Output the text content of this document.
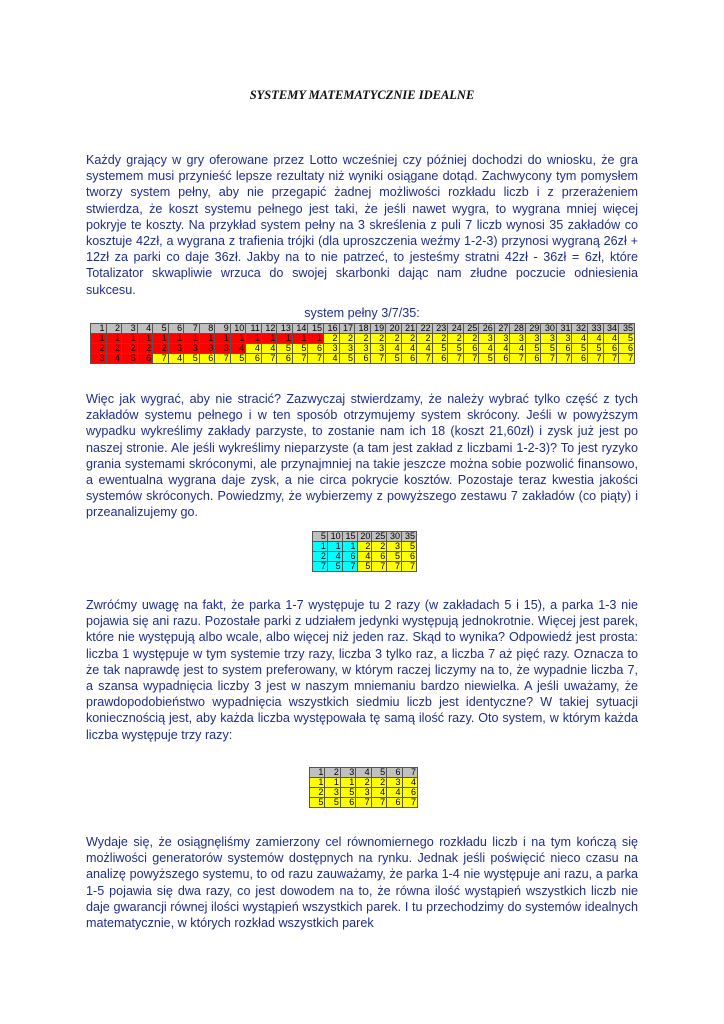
SYSTEMY MATEMATYCZNIE IDEALNE

Każdy grający w gry oferowane przez Lotto wcześniej czy później dochodzi do wniosku, że gra systemem musi przynieść lepsze rezultaty niż wyniki osiągane dotąd. Zachwycony tym pomysłem tworzy system pełny, aby nie przegapić żadnej możliwości rozkładu liczb i z przerażeniem stwierdza, że koszt systemu pełnego jest taki, że jeśli nawet wygra, to wygrana mniej więcej pokryje te koszty. Na przykład system pełny na 3 skreślenia z puli 7 liczb wynosi 35 zakładów co kosztuje 42zł, a wygrana z trafienia trójki (dla uproszczenia weźmy 1-2-3) przynosi wygraną 26zł + 12zł za parki co daje 36zł. Jakby na to nie patrzeć, to jesteśmy stratni 42zł - 36zł = 6zł, które Totalizator skwapliwie wrzuca do swojej skarbonki dając nam złudne poczucie odniesienia sukcesu.

system pełny 3/7/35:
1	2	3	4	5	6	7	8	9	10	11	12	13	14	15	16	17	18	19	20	21	22	23	24	25	26	27	28	29	30	31	32	33	34	35
1	1	1	1	1	1	1	1	1	1	1	1	1	1	1	2	2	2	2	2	2	2	2	2	2	3	3	3	3	3	3	4	4	4	5
2	2	2	2	2	3	3	3	3	4	4	4	5	5	6	3	3	3	3	4	4	4	5	5	6	4	4	4	5	5	6	5	5	6	6
3	4	5	6	7	4	5	6	7	5	6	7	6	7	7	4	5	6	7	5	6	7	6	7	7	5	6	7	6	7	7	6	7	7	7

Więc jak wygrać, aby nie stracić? Zazwyczaj stwierdzamy, że należy wybrać tylko część z tych zakładów systemu pełnego i w ten sposób otrzymujemy system skrócony. Jeśli w powyższym wypadku wykreślimy zakłady parzyste, to zostanie nam ich 18 (koszt 21,60zł) i zysk już jest po naszej stronie. Ale jeśli wykreślimy nieparzyste (a tam jest zakład z liczbami 1-2-3)? To jest ryzyko grania systemami skróconymi, ale przynajmniej na takie jeszcze można sobie pozwolić finansowo, a ewentualna wygrana daje zysk, a nie circa pokrycie kosztów. Pozostaje teraz kwestia jakości systemów skróconych. Powiedzmy, że wybierzemy z powyższego zestawu 7 zakładów (co piąty) i przeanalizujemy go.

5	10	15	20	25	30	35
1	1	1	2	2	3	5
2	4	6	4	6	5	6
7	5	7	5	7	7	7

Zwróćmy uwagę na fakt, że parka 1-7 występuje tu 2 razy (w zakładach 5 i 15), a parka 1-3 nie pojawia się ani razu. Pozostałe parki z udziałem jedynki występują jednokrotnie. Więcej jest parek, które nie występują albo wcale, albo więcej niż jeden raz. Skąd to wynika? Odpowiedź jest prosta: liczba 1 występuje w tym systemie trzy razy, liczba 3 tylko raz, a liczba 7 aż pięć razy. Oznacza to że tak naprawdę jest to system preferowany, w którym raczej liczymy na to, że wypadnie liczba 7, a szansa wypadnięcia liczby 3 jest w naszym mniemaniu bardzo niewielka. A jeśli uważamy, że prawdopodobieństwo wypadnięcia wszystkich siedmiu liczb jest identyczne? W takiej sytuacji koniecznością jest, aby każda liczba występowała tę samą ilość razy. Oto system, w którym każda liczba występuje trzy razy:

1	2	3	4	5	6	7
1	1	1	2	2	3	4
2	3	5	3	4	4	6
5	5	6	7	7	6	7

Wydaje się, że osiągnęliśmy zamierzony cel równomiernego rozkładu liczb i na tym kończą się możliwości generatorów systemów dostępnych na rynku. Jednak jeśli poświęcić nieco czasu na analizę powyższego systemu, to od razu zauważamy, że parka 1-4 nie występuje ani razu, a parka 1-5 pojawia się dwa razy, co jest dowodem na to, że równa ilość wystąpień wszystkich liczb nie daje gwarancji równej ilości wystąpień wszystkich parek. I tu przechodzimy do systemów idealnych matematycznie, w których rozkład wszystkich parek
